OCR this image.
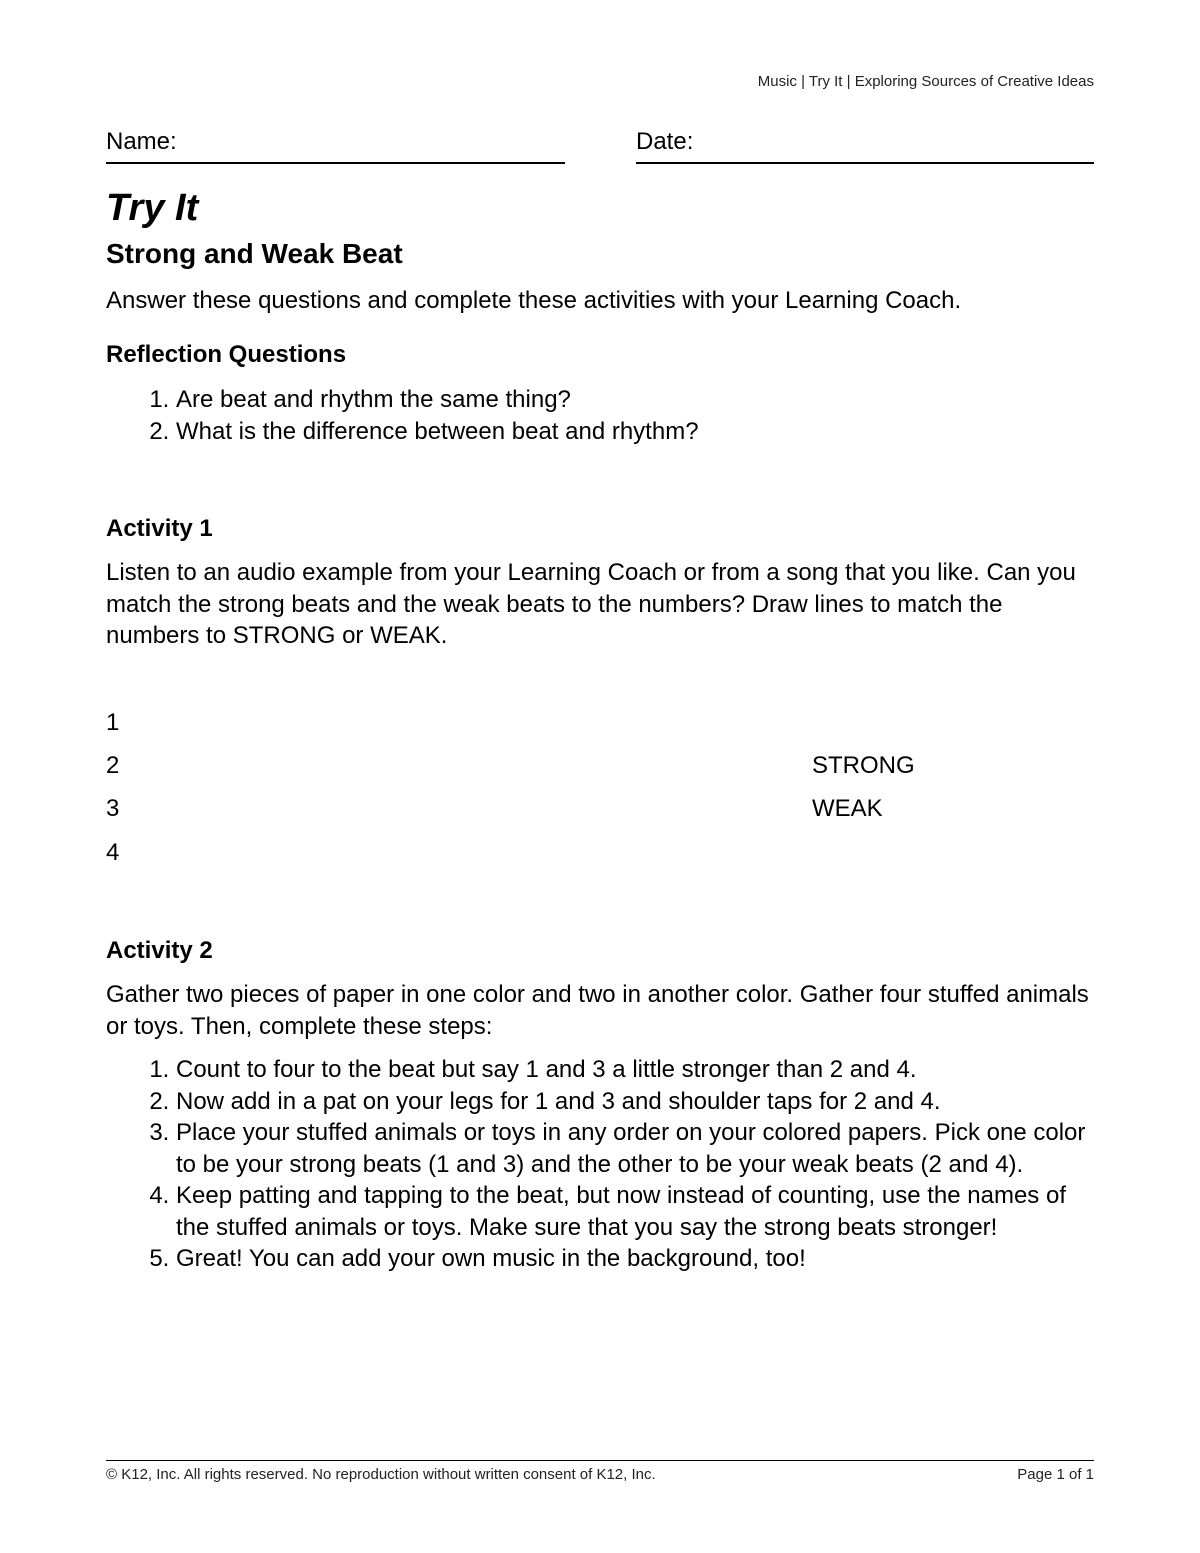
Music | Try It | Exploring Sources of Creative Ideas
Name:	Date:
Try It
Strong and Weak Beat

Answer these questions and complete these activities with your Learning Coach.

Reflection Questions
1. Are beat and rhythm the same thing?
2. What is the difference between beat and rhythm?
Activity 1

Listen to an audio example from your Learning Coach or from a song that you like. Can you match the strong beats and the weak beats to the numbers? Draw lines to match the numbers to STRONG or WEAK.

1
2
3
4
STRONG
WEAK
Activity 2

Gather two pieces of paper in one color and two in another color. Gather four stuffed animals or toys. Then, complete these steps:

1. Count to four to the beat but say 1 and 3 a little stronger than 2 and 4.
2. Now add in a pat on your legs for 1 and 3 and shoulder taps for 2 and 4.
3. Place your stuffed animals or toys in any order on your colored papers. Pick one color to be your strong beats (1 and 3) and the other to be your weak beats (2 and 4).
4. Keep patting and tapping to the beat, but now instead of counting, use the names of the stuffed animals or toys. Make sure that you say the strong beats stronger!
5. Great! You can add your own music in the background, too!
© K12, Inc. All rights reserved. No reproduction without written consent of K12, Inc.	Page 1 of 1
